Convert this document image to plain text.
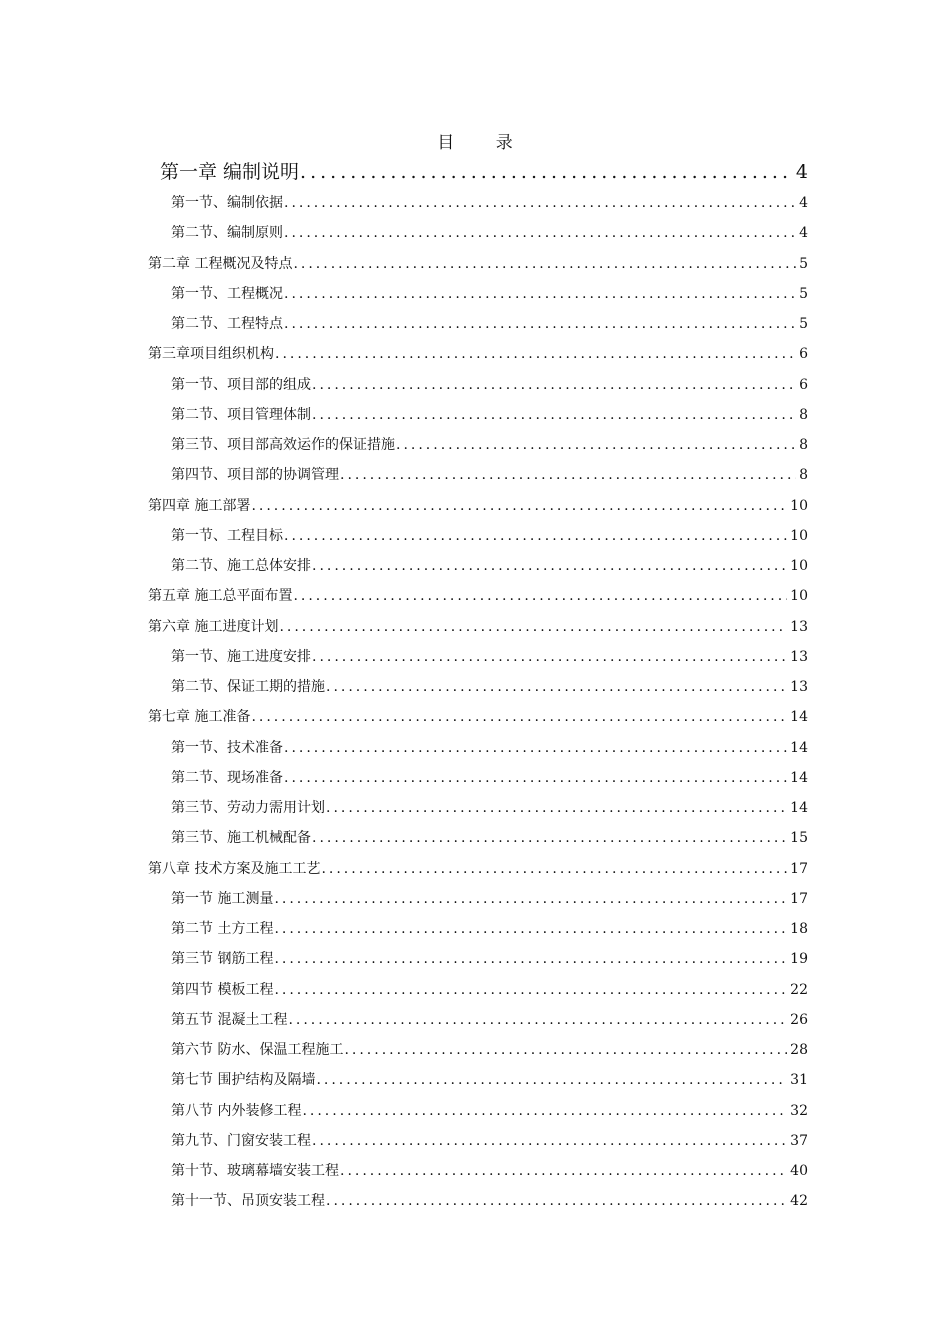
目 录
第一章 编制说明 .....	4
第一节、编制依据 .....	4
第二节、编制原则 .....	4
第二章 工程概况及特点 .....	5
第一节、工程概况 .....	5
第二节、工程特点 .....	5
第三章项目组织机构 .....	6
第一节、项目部的组成 .....	6
第二节、项目管理体制 .....	8
第三节、项目部高效运作的保证措施 .....	8
第四节、项目部的协调管理 .....	8
第四章 施工部署 .....	10
第一节、工程目标 .....	10
第二节、施工总体安排 .....	10
第五章 施工总平面布置 .....	10
第六章 施工进度计划 .....	13
第一节、施工进度安排 .....	13
第二节、保证工期的措施 .....	13
第七章 施工准备 .....	14
第一节、技术准备 .....	14
第二节、现场准备 .....	14
第三节、劳动力需用计划 .....	14
第三节、施工机械配备 .....	15
第八章 技术方案及施工工艺 .....	17
第一节 施工测量 .....	17
第二节 土方工程 .....	18
第三节 钢筋工程 .....	19
第四节 模板工程 .....	22
第五节 混凝土工程 .....	26
第六节 防水、保温工程施工 .....	28
第七节 围护结构及隔墙 .....	31
第八节 内外装修工程 .....	32
第九节、门窗安装工程 .....	37
第十节、玻璃幕墙安装工程 .....	40
第十一节、吊顶安装工程 .....	42
